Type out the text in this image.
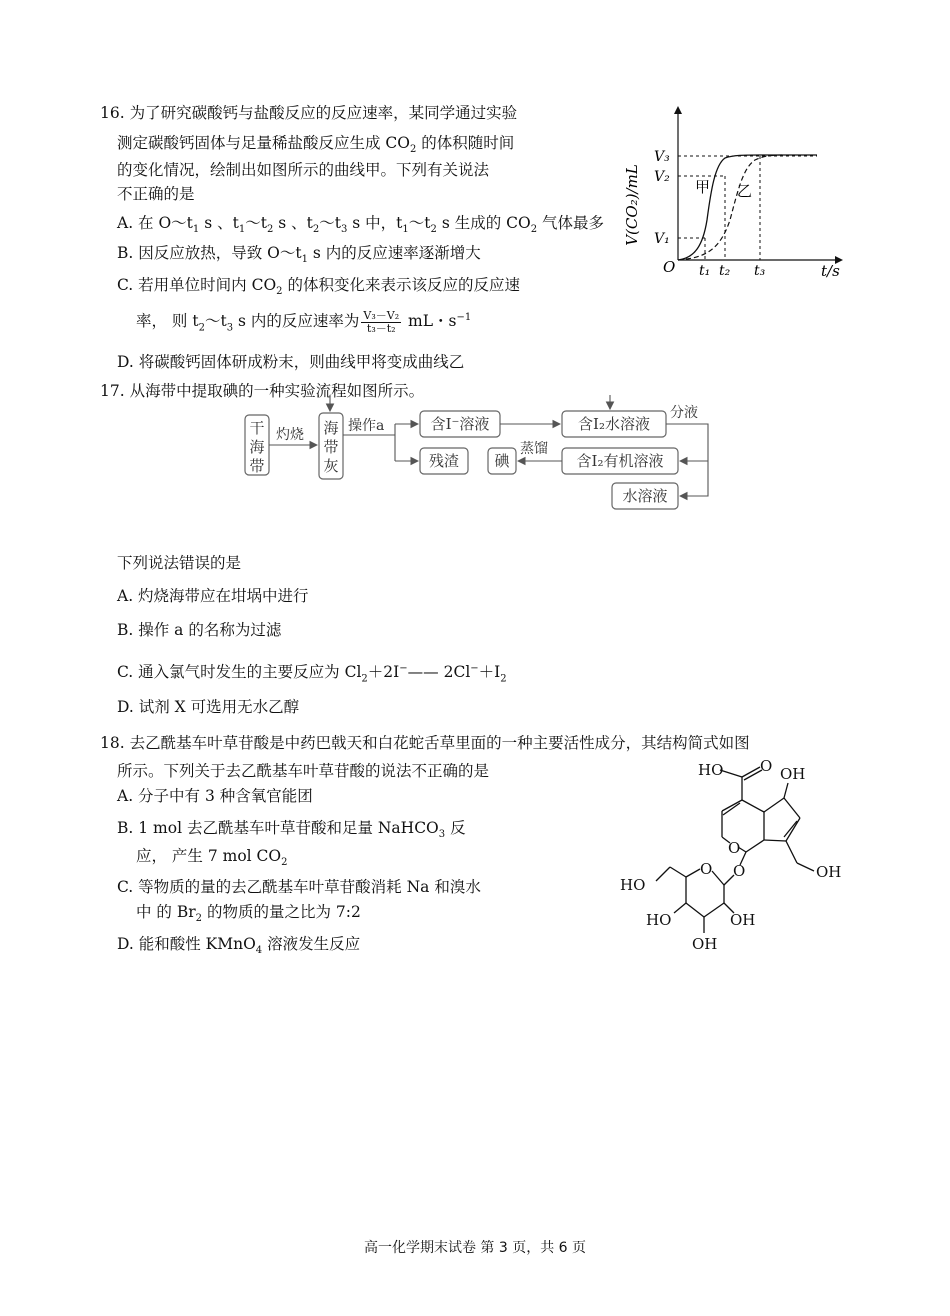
16. 为了研究碳酸钙与盐酸反应的反应速率，某同学通过实验
测定碳酸钙固体与足量稀盐酸反应生成 $CO_2$ 的体积随时间
的变化情况，绘制出如图所示的曲线甲。下列有关说法
不正确的是
A. 在 $O\sim t_1$ s 、$t_1\sim t_2$ s 、$t_2\sim t_3$ s 中，$t_1\sim t_2$ s 生成的 $CO_2$ 气体最多
B. 因反应放热，导致 $O\sim t_1$ s 内的反应速率逐渐增大
C. 若用单位时间内 $CO_2$ 的体积变化来表示该反应的反应速
率， 则 $t_2\sim t_3$ s 内的反应速率为 $\frac{\text{V₃－V₂}}{\text{t₃－t₂}}$ mL・$s^{-1}$
D. 将碳酸钙固体研成粉末，则曲线甲将变成曲线乙
V(CO₂)/mL
V₃
V₂
V₁
O t₁ t₂ t₃	t/s
甲 乙
17. 从海带中提取碘的一种实验流程如图所示。
干海带
海带灰
灼烧
操作a	含I⁻溶液
残渣
含I₂水溶液
分液
含I₂有机溶液
蒸馏
碘
水溶液
下列说法错误的是
A. 灼烧海带应在坩埚中进行
B. 操作 a 的名称为过滤
C. 通入氯气时发生的主要反应为 $Cl_2+2I^-——$ $2Cl^-+I_2$
D. 试剂 X 可选用无水乙醇
18. 去乙酰基车叶草苷酸是中药巴戟天和白花蛇舌草里面的一种主要活性成分，其结构简式如图
所示。下列关于去乙酰基车叶草苷酸的说法不正确的是
A. 分子中有 3 种含氧官能团
B. 1 mol 去乙酰基车叶草苷酸和足量 NaHCO$_3$ 反
应， 产生 7 mol $CO_2$
C. 等物质的量的去乙酰基车叶草苷酸消耗 Na 和溴水
中 的 $Br_2$ 的物质的量之比为 7:2
D. 能和酸性 KMnO$_4$ 溶液发生反应
HO O OH
O
O
O	OH
HO
HO	OH
OH
高一化学期末试卷 第 3 页，共 6 页
